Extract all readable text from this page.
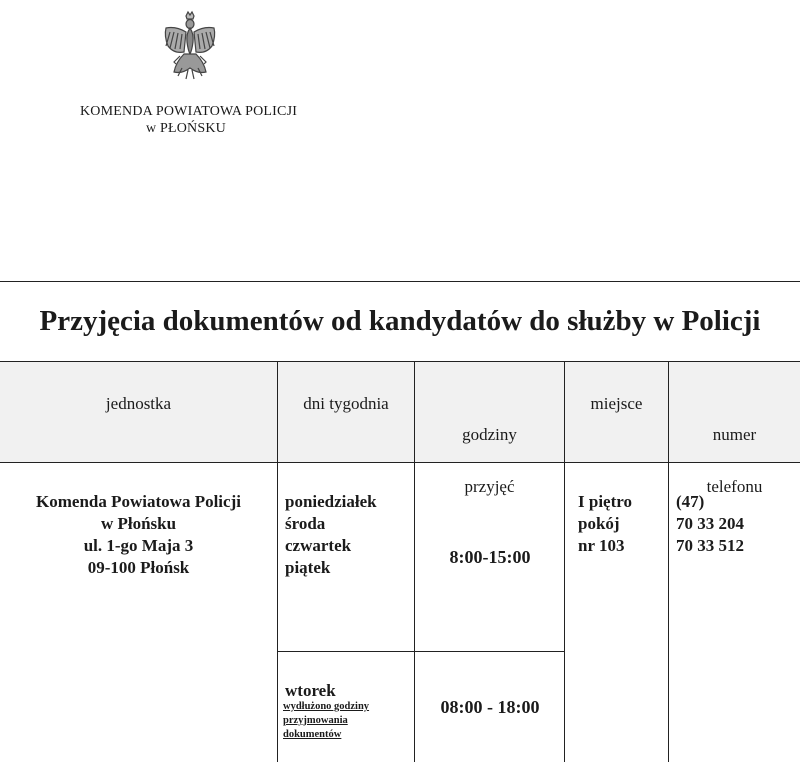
KOMENDA POWIATOWA POLICJI
w PŁOŃSKU
Przyjęcia dokumentów od kandydatów do służby w Policji
jednostka	dni tygodnia
godziny
przyjęć
miejsce
numer
telefonu
Komenda Powiatowa Policji
w Płońsku
ul. 1-go Maja 3
09-100 Płońsk
poniedziałek
środa
czwartek
piątek
8:00-15:00
I piętro
pokój
nr 103
(47)
70 33 204
70 33 512
wtorek
wydłużono godziny
przyjmowania
dokumentów
08:00 - 18:00
